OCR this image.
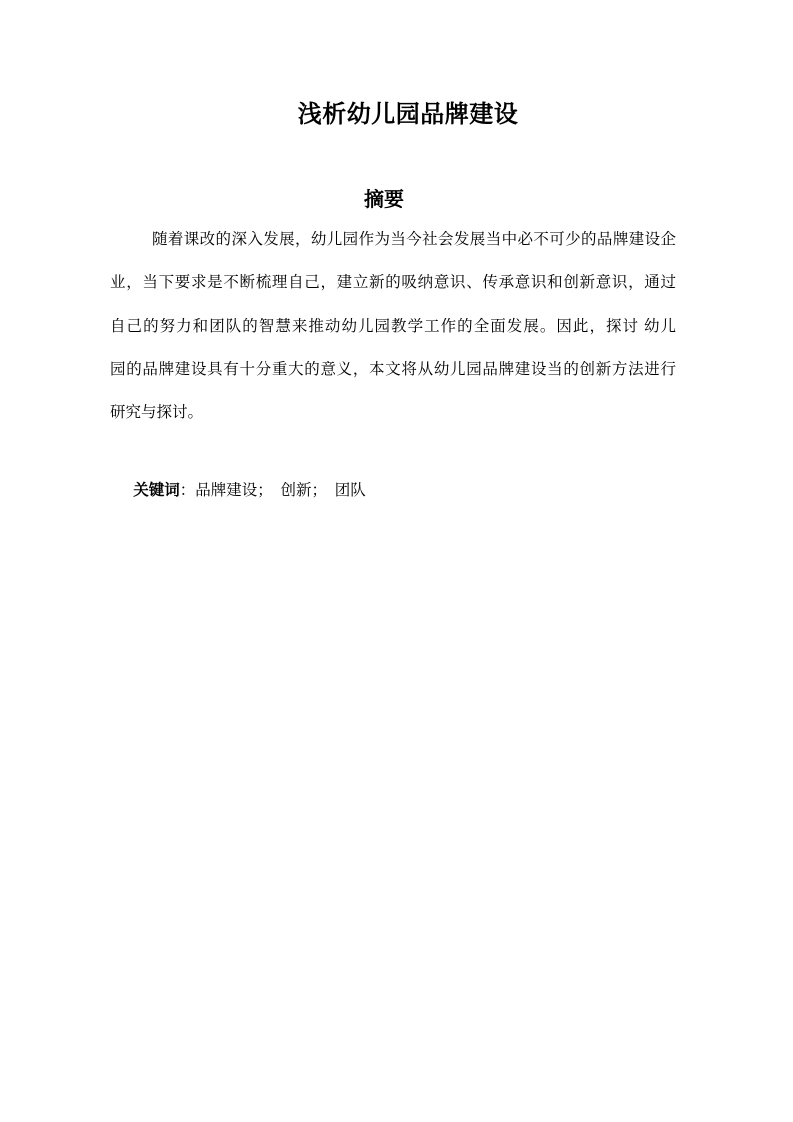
浅析幼儿园品牌建设
摘要
随着课改的深入发展，幼儿园作为当今社会发展当中必不可少的品牌建设企
业，当下要求是不断梳理自己，建立新的吸纳意识、传承意识和创新意识，通过
自己的努力和团队的智慧来推动幼儿园教学工作的全面发展。因此，探讨 幼儿
园的品牌建设具有十分重大的意义，本文将从幼儿园品牌建设当的创新方法进行
研究与探讨。

关键词：品牌建设；　创新；　团队
